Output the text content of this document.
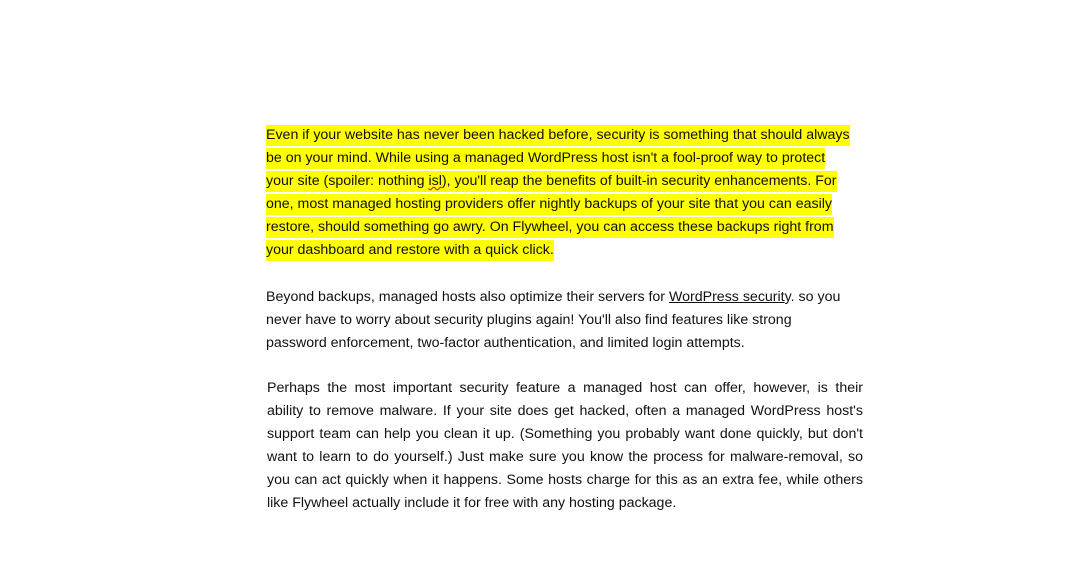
Even if your website has never been hacked before, security is something that should always
be on your mind. While using a managed WordPress host isn't a fool-proof way to protect
your site (spoiler: nothing isl), you'll reap the benefits of built-in security enhancements. For
one, most managed hosting providers offer nightly backups of your site that you can easily
restore, should something go awry. On Flywheel, you can access these backups right from
your dashboard and restore with a quick click.
Beyond backups, managed hosts also optimize their servers for WordPress security. so you
never have to worry about security plugins again! You'll also find features like strong
password enforcement, two-factor authentication, and limited login attempts.
Perhaps the most important security feature a managed host can offer, however, is their
ability to remove malware. If your site does get hacked, often a managed WordPress host's
support team can help you clean it up. (Something you probably want done quickly, but don't
want to learn to do yourself.) Just make sure you know the process for malware-removal, so
you can act quickly when it happens. Some hosts charge for this as an extra fee, while others
like Flywheel actually include it for free with any hosting package.
